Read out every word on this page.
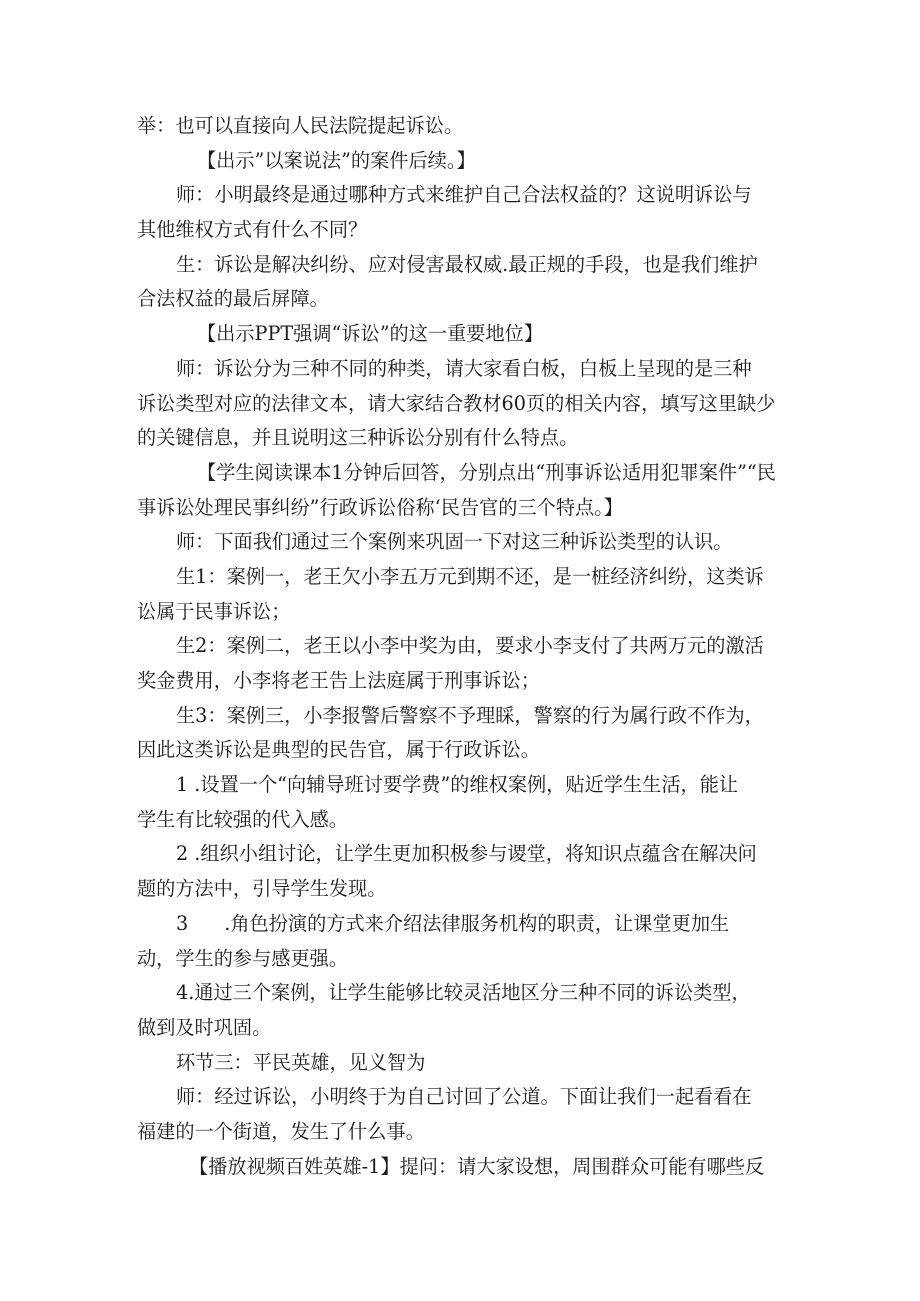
举：也可以直接向人民法院提起诉讼。
【出示”以案说法”的案件后续。】
师：小明最终是通过哪种方式来维护自己合法权益的？这说明诉讼与
其他维权方式有什么不同？
生：诉讼是解决纠纷、应对侵害最权威.最正规的手段，也是我们维护
合法权益的最后屏障。
【出示PPT强调“诉讼”的这一重要地位】
师：诉讼分为三种不同的种类，请大家看白板，白板上呈现的是三种
诉讼类型对应的法律文本，请大家结合教材60页的相关内容，填写这里缺少
的关键信息，并且说明这三种诉讼分别有什么特点。
【学生阅读课本1分钟后回答，分别点出“刑事诉讼适用犯罪案件”“民
事诉讼处理民事纠纷”行政诉讼俗称‘民告官的三个特点。】
师：下面我们通过三个案例来巩固一下对这三种诉讼类型的认识。
生1：案例一，老王欠小李五万元到期不还，是一桩经济纠纷，这类诉
讼属于民事诉讼；
生2：案例二，老王以小李中奖为由，要求小李支付了共两万元的激活
奖金费用，小李将老王告上法庭属于刑事诉讼；
生3：案例三，小李报警后警察不予理睬，警察的行为属行政不作为，
因此这类诉讼是典型的民告官，属于行政诉讼。
1 .设置一个“向辅导班讨要学费”的维权案例，贴近学生生活，能让
学生有比较强的代入感。
2 .组织小组讨论，让学生更加积极参与谡堂，将知识点蕴含在解决问
题的方法中，引导学生发现。
3 .角色扮演的方式来介绍法律服务机构的职责，让课堂更加生
动，学生的参与感更强。
4.通过三个案例，让学生能够比较灵活地区分三种不同的诉讼类型，
做到及时巩固。
环节三：平民英雄，见义智为
师：经过诉讼，小明终于为自己讨回了公道。下面让我们一起看看在
福建的一个街道，发生了什么事。
【播放视频百姓英雄-1】提问：请大家设想，周围群众可能有哪些反
